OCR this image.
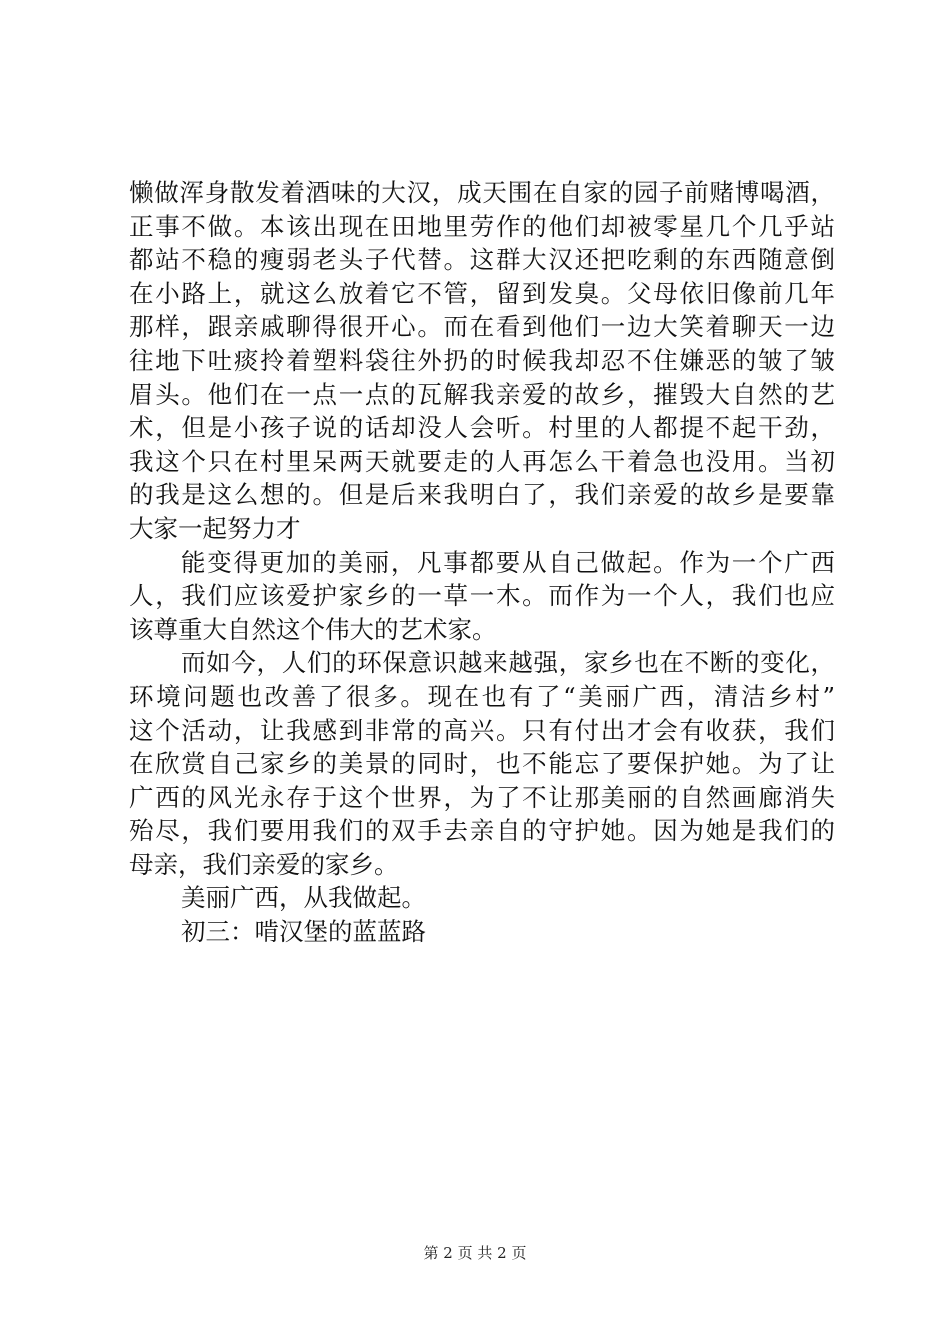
懒做浑身散发着酒味的大汉，成天围在自家的园子前赌博喝酒，
正事不做。本该出现在田地里劳作的他们却被零星几个几乎站
都站不稳的瘦弱老头子代替。这群大汉还把吃剩的东西随意倒
在小路上，就这么放着它不管，留到发臭。父母依旧像前几年
那样，跟亲戚聊得很开心。而在看到他们一边大笑着聊天一边
往地下吐痰拎着塑料袋往外扔的时候我却忍不住嫌恶的皱了皱
眉头。他们在一点一点的瓦解我亲爱的故乡，摧毁大自然的艺
术，但是小孩子说的话却没人会听。村里的人都提不起干劲，
我这个只在村里呆两天就要走的人再怎么干着急也没用。当初
的我是这么想的。但是后来我明白了，我们亲爱的故乡是要靠
大家一起努力才
能变得更加的美丽，凡事都要从自己做起。作为一个广西
人，我们应该爱护家乡的一草一木。而作为一个人，我们也应
该尊重大自然这个伟大的艺术家。
而如今，人们的环保意识越来越强，家乡也在不断的变化，
环境问题也改善了很多。现在也有了“美丽广西，清洁乡村”
这个活动，让我感到非常的高兴。只有付出才会有收获，我们
在欣赏自己家乡的美景的同时，也不能忘了要保护她。为了让
广西的风光永存于这个世界，为了不让那美丽的自然画廊消失
殆尽，我们要用我们的双手去亲自的守护她。因为她是我们的
母亲，我们亲爱的家乡。
美丽广西，从我做起。
初三：啃汉堡的蓝蓝路
第 2 页 共 2 页
